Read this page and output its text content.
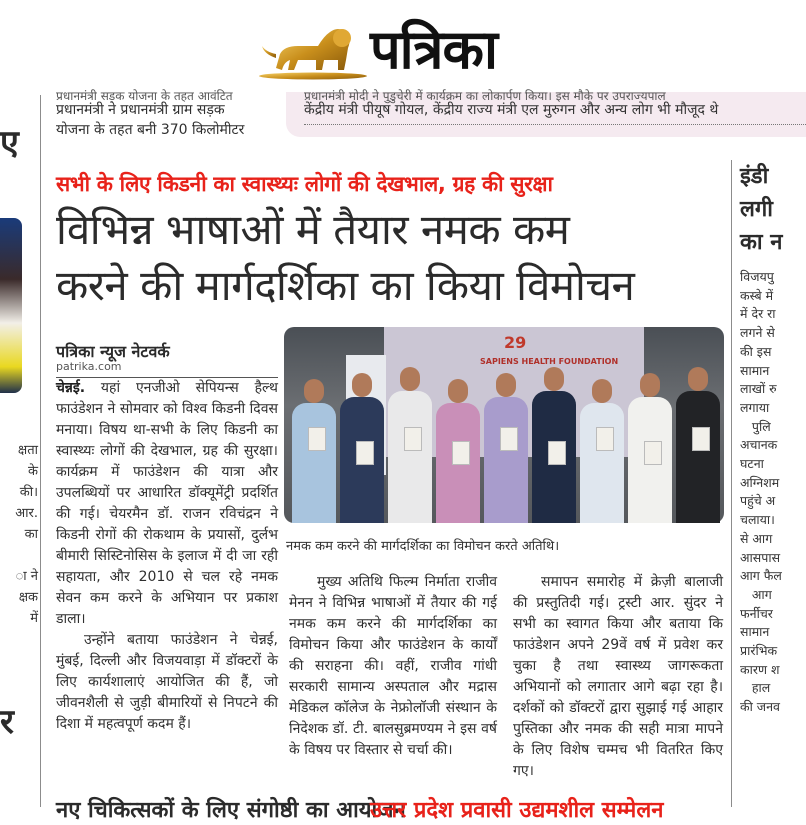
पत्रिका
ए
क्षता
के
की।
आर.
का
ा ने
क्षक
में
र
प्रधानमंत्री सड़क योजना के तहत आवंटित
प्रधानमंत्री ने प्रधानमंत्री ग्राम सड़क
योजना के तहत बनी 370 किलोमीटर
प्रधानमंत्री मोदी ने पुडुचेरी में कार्यक्रम का लोकार्पण किया। इस मौके पर उपराज्यपाल
केंद्रीय मंत्री पीयूष गोयल, केंद्रीय राज्य मंत्री एल मुरुगन और अन्य लोग भी मौजूद थे
सभी के लिए किडनी का स्वास्थ्यः लोगों की देखभाल, ग्रह की सुरक्षा
विभिन्न भाषाओं में तैयार नमक कम
करने की मार्गदर्शिका का किया विमोचन
पत्रिका न्यूज नेटवर्क
patrika.com

चेन्नई. यहां एनजीओ सेपियन्स हैल्थ फाउंडेशन ने सोमवार को विश्व किडनी दिवस मनाया। विषय था-सभी के लिए किडनी का स्वास्थ्यः लोगों की देखभाल, ग्रह की सुरक्षा। कार्यक्रम में फाउंडेशन की यात्रा और उपलब्धियों पर आधारित डॉक्यूमेंट्री प्रदर्शित की गई। चेयरमैन डॉ. राजन रविचंद्रन ने किडनी रोगों की रोकथाम के प्रयासों, दुर्लभ बीमारी सिस्टिनोसिस के इलाज में दी जा रही सहायता, और 2010 से चल रहे नमक सेवन कम करने के अभियान पर प्रकाश डाला।

उन्होंने बताया फाउंडेशन ने चेन्नई, मुंबई, दिल्ली और विजयवाड़ा में डॉक्टरों के लिए कार्यशालाएं आयोजित की हैं, जो जीवनशैली से जुड़ी बीमारियों से निपटने की दिशा में महत्वपूर्ण कदम हैं।

29
SAPIENS HEALTH FOUNDATION
नमक कम करने की मार्गदर्शिका का विमोचन करते अतिथि।

मुख्य अतिथि फिल्म निर्माता राजीव मेनन ने विभिन्न भाषाओं में तैयार की गई नमक कम करने की मार्गदर्शिका का विमोचन किया और फाउंडेशन के कार्यों की सराहना की। वहीं, राजीव गांधी सरकारी सामान्य अस्पताल और मद्रास मेडिकल कॉलेज के नेफ्रोलॉजी संस्थान के निदेशक डॉ. टी. बालसुब्रमण्यम ने इस वर्ष के विषय पर विस्तार से चर्चा की।

समापन समारोह में क्रेज़ी बालाजी की प्रस्तुतिदी गई। ट्रस्टी आर. सुंदर ने सभी का स्वागत किया और बताया कि फाउंडेशन अपने 29वें वर्ष में प्रवेश कर चुका है तथा स्वास्थ्य जागरूकता अभियानों को लगातार आगे बढ़ा रहा है। दर्शकों को डॉक्टरों द्वारा सुझाई गई आहार पुस्तिका और नमक की सही मात्रा मापने के लिए विशेष चम्मच भी वितरित किए गए।

इंडी
लगी
का न
विजयपु
कस्बे में
में देर रा
लगने से
की इस
सामान
लाखों रु
लगाया
पुलि
अचानक
घटना
अग्निशम
पहुंचे अ
चलाया।
से आग
आसपास
आग फैल
आग
फर्नीचर
सामान
प्रारंभिक
कारण श
हाल
की जनव
नए चिकित्सकों के लिए संगोष्ठी का आयोजन
उत्तर प्रदेश प्रवासी उद्यमशील सम्मेलन
